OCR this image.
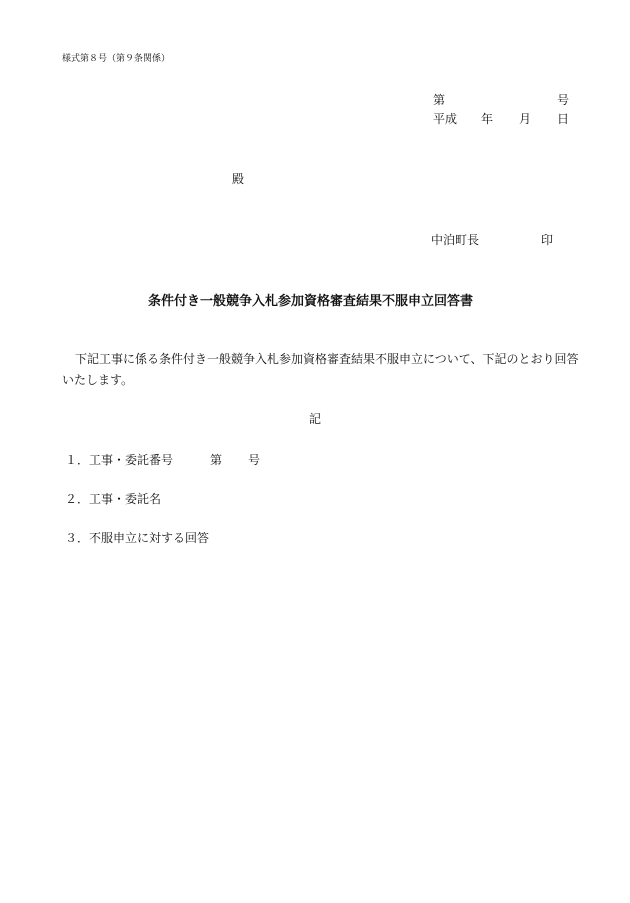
様式第８号（第９条関係）
第	号
平成 年 月 日
殿
中泊町長	印
条件付き一般競争入札参加資格審査結果不服申立回答書
下記工事に係る条件付き一般競争入札参加資格審査結果不服申立について、下記のとおり回答いたします。
記
１．工事・委託番号	第 号
２．工事・委託名
３．不服申立に対する回答
